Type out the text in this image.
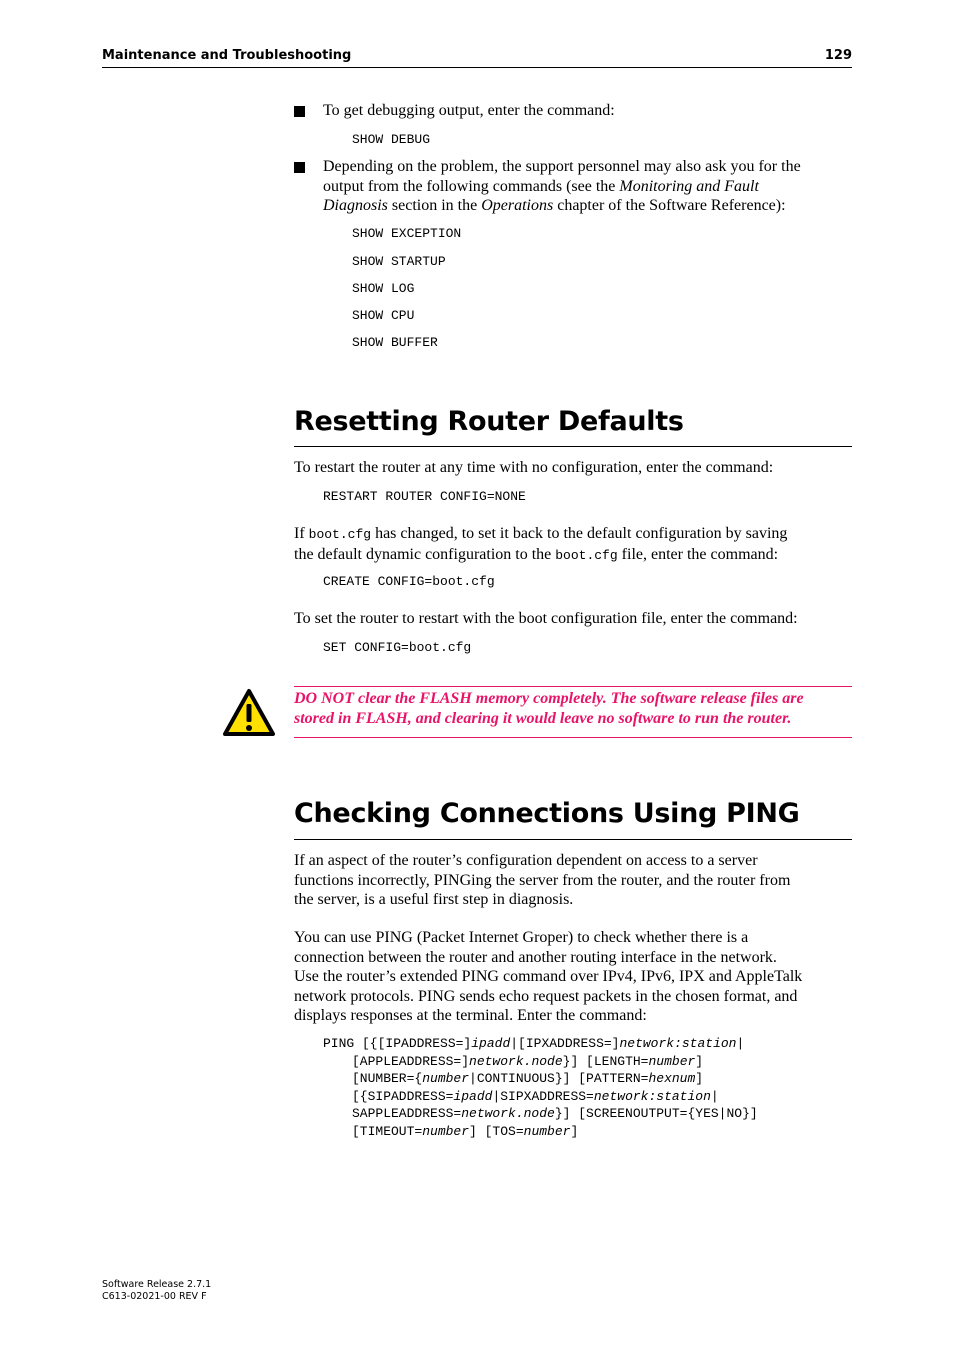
Maintenance and Troubleshooting	129
To get debugging output, enter the command:
SHOW DEBUG
Depending on the problem, the support personnel may also ask you for the
output from the following commands (see the Monitoring and Fault
Diagnosis section in the Operations chapter of the Software Reference):
SHOW EXCEPTION
SHOW STARTUP
SHOW LOG
SHOW CPU
SHOW BUFFER
Resetting Router Defaults
To restart the router at any time with no configuration, enter the command:
RESTART ROUTER CONFIG=NONE
If boot.cfg has changed, to set it back to the default configuration by saving
the default dynamic configuration to the boot.cfg file, enter the command:
CREATE CONFIG=boot.cfg
To set the router to restart with the boot configuration file, enter the command:
SET CONFIG=boot.cfg
DO NOT clear the FLASH memory completely. The software release files are
stored in FLASH, and clearing it would leave no software to run the router.
Checking Connections Using PING
If an aspect of the router’s configuration dependent on access to a server
functions incorrectly, PINGing the server from the router, and the router from
the server, is a useful first step in diagnosis.
You can use PING (Packet Internet Groper) to check whether there is a
connection between the router and another routing interface in the network.
Use the router’s extended PING command over IPv4, IPv6, IPX and AppleTalk
network protocols. PING sends echo request packets in the chosen format, and
displays responses at the terminal. Enter the command:
PING [{[IPADDRESS=]ipadd|[IPXADDRESS=]network:station|
[APPLEADDRESS=]network.node}] [LENGTH=number]
[NUMBER={number|CONTINUOUS}] [PATTERN=hexnum]
[{SIPADDRESS=ipadd|SIPXADDRESS=network:station|
SAPPLEADDRESS=network.node}] [SCREENOUTPUT={YES|NO}]
[TIMEOUT=number] [TOS=number]
Software Release 2.7.1
C613-02021-00 REV F
